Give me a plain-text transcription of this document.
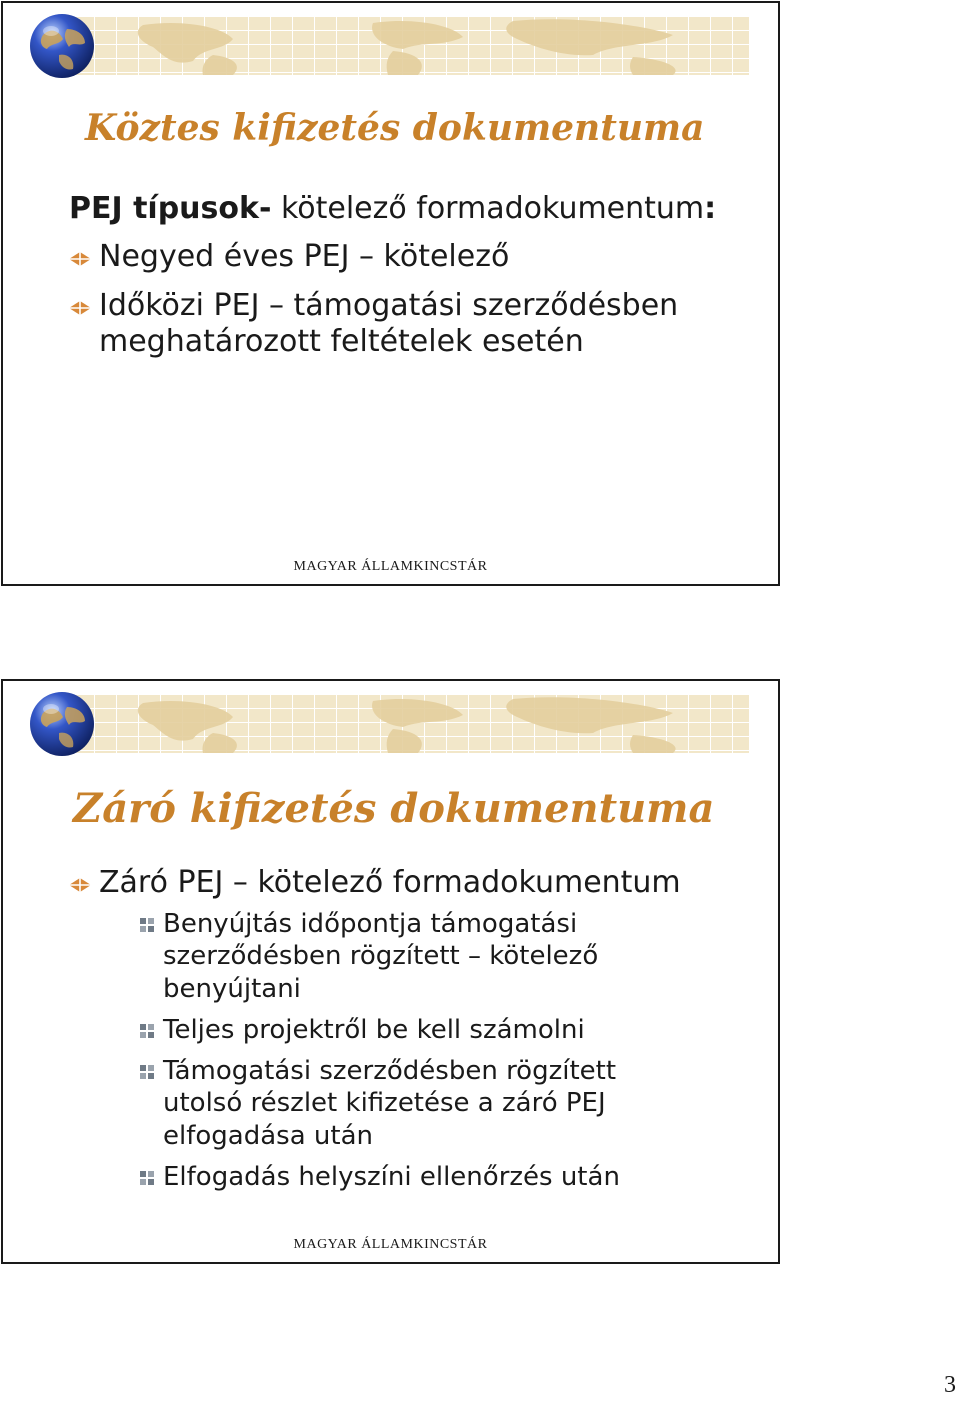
Köztes kifizetés dokumentuma
PEJ típusok- kötelező formadokumentum:
Negyed éves PEJ – kötelező
Időközi PEJ – támogatási szerződésben meghatározott feltételek esetén
MAGYAR ÁLLAMKINCSTÁR
Záró kifizetés dokumentuma
Záró PEJ – kötelező formadokumentum
Benyújtás időpontja támogatási szerződésben rögzített – kötelező benyújtani
Teljes projektről be kell számolni
Támogatási szerződésben rögzített utolsó részlet kifizetése a záró PEJ elfogadása után
Elfogadás helyszíni ellenőrzés után
MAGYAR ÁLLAMKINCSTÁR
3
